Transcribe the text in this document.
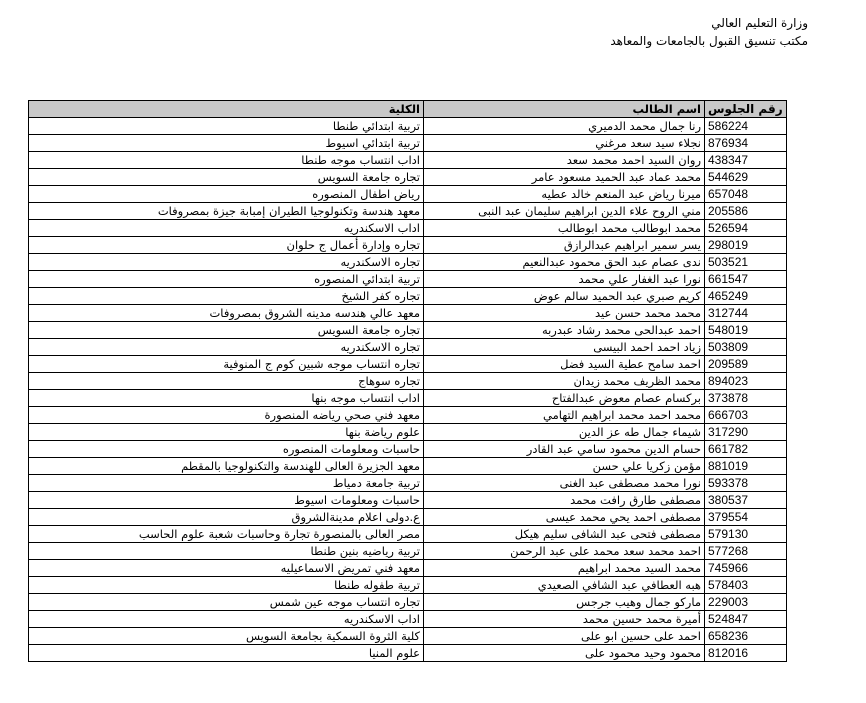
وزارة التعليم العالي
مكتب تنسيق القبول بالجامعات والمعاهد
رقم الجلوس	اسم الطالب	الكلية
586224	رنا جمال محمد الدميري	تربية ابتدائي طنطا
876934	نجلاء سيد سعد مرغني	تربية ابتدائي اسيوط
438347	روان السيد احمد محمد سعد	اداب انتساب موجه طنطا
544629	محمد عماد عبد الحميد مسعود عامر	تجاره جامعة السويس
657048	ميرنا رياض عبد المنعم خالد عطيه	رياض اطفال المنصوره
205586	مني الروح علاء الدين ابراهيم سليمان عبد النبى	معهد هندسة وتكنولوجيا الطيران إمبابة جيزة بمصروفات
526594	محمد ابوطالب محمد ابوطالب	اداب الاسكندريه
298019	يسر سمير ابراهيم عبدالرازق	تجاره وإدارة أعمال ج حلوان
503521	ندى عصام عبد الحق محمود عبدالنعيم	تجاره الاسكندريه
661547	نورا عبد الغفار علي محمد	تربية ابتدائي المنصوره
465249	كريم صبري عبد الحميد سالم عوض	تجاره كفر الشيخ
312744	محمد محمد حسن عيد	معهد عالي هندسه مدينه الشروق بمصروفات
548019	احمد عبدالحى محمد رشاد عبدربه	تجاره جامعة السويس
503809	زياد احمد احمد البيسى	تجاره الاسكندريه
209589	احمد سامح عطية السيد فضل	تجاره انتساب موجه شبين كوم ج المنوفية
894023	محمد الظريف محمد زيدان	تجاره سوهاج
373878	بركسام عصام معوض عبدالفتاح	اداب انتساب موجه بنها
666703	محمد احمد محمد ابراهيم التهامي	معهد فني صحي رياضه المنصورة
317290	شيماء جمال طه عز الدين	علوم رياضة بنها
661782	حسام الدين محمود سامي عبد القادر	حاسبات ومعلومات المنصوره
881019	مؤمن زكريا علي حسن	معهد الجزيرة العالى للهندسة والتكنولوجيا بالمقطم
593378	نورا محمد مصطفى عبد الغنى	تربية جامعة دمياط
380537	مصطفى طارق رافت محمد	حاسبات ومعلومات اسيوط
379554	مصطفى احمد يحي محمد عيسى	ع.دولى اعلام مدينةالشروق
579130	مصطفى فتحى عبد الشافى سليم هيكل	مصر العالى بالمنصورة تجارة وحاسبات شعبة علوم الحاسب
577268	احمد محمد سعد محمد على عبد الرحمن	تربية رياضيه بنين طنطا
745966	محمد السيد محمد ابراهيم	معهد فني تمريض الاسماعيليه
578403	هبه العطافي عبد الشافي الصعيدي	تربية طفوله طنطا
229003	ماركو جمال وهيب جرجس	تجاره انتساب موجه عين شمس
524847	أميرة محمد حسين محمد	اداب الاسكندريه
658236	احمد على حسين ابو على	كلية الثروة السمكية بجامعة السويس
812016	محمود وحيد محمود على	علوم المنيا
